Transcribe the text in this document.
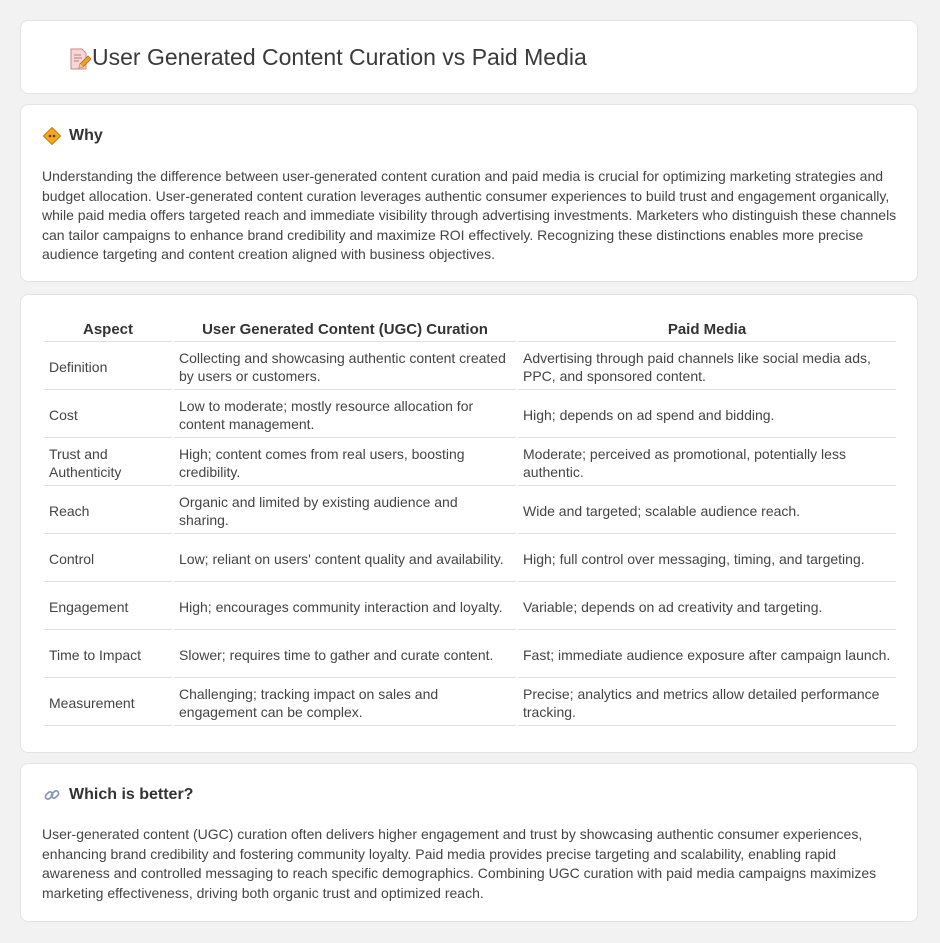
User Generated Content Curation vs Paid Media
Why

Understanding the difference between user-generated content curation and paid media is crucial for optimizing marketing strategies and budget allocation. User-generated content curation leverages authentic consumer experiences to build trust and engagement organically, while paid media offers targeted reach and immediate visibility through advertising investments. Marketers who distinguish these channels can tailor campaigns to enhance brand credibility and maximize ROI effectively. Recognizing these distinctions enables more precise audience targeting and content creation aligned with business objectives.

Aspect	User Generated Content (UGC) Curation	Paid Media
Definition	Collecting and showcasing authentic content created by users or customers.	Advertising through paid channels like social media ads, PPC, and sponsored content.
Cost	Low to moderate; mostly resource allocation for content management.	High; depends on ad spend and bidding.
Trust and Authenticity	High; content comes from real users, boosting credibility.	Moderate; perceived as promotional, potentially less authentic.
Reach	Organic and limited by existing audience and sharing.	Wide and targeted; scalable audience reach.
Control	Low; reliant on users' content quality and availability.	High; full control over messaging, timing, and targeting.
Engagement	High; encourages community interaction and loyalty.	Variable; depends on ad creativity and targeting.
Time to Impact	Slower; requires time to gather and curate content.	Fast; immediate audience exposure after campaign launch.
Measurement	Challenging; tracking impact on sales and engagement can be complex.	Precise; analytics and metrics allow detailed performance tracking.
Which is better?

User-generated content (UGC) curation often delivers higher engagement and trust by showcasing authentic consumer experiences, enhancing brand credibility and fostering community loyalty. Paid media provides precise targeting and scalability, enabling rapid awareness and controlled messaging to reach specific demographics. Combining UGC curation with paid media campaigns maximizes marketing effectiveness, driving both organic trust and optimized reach.
